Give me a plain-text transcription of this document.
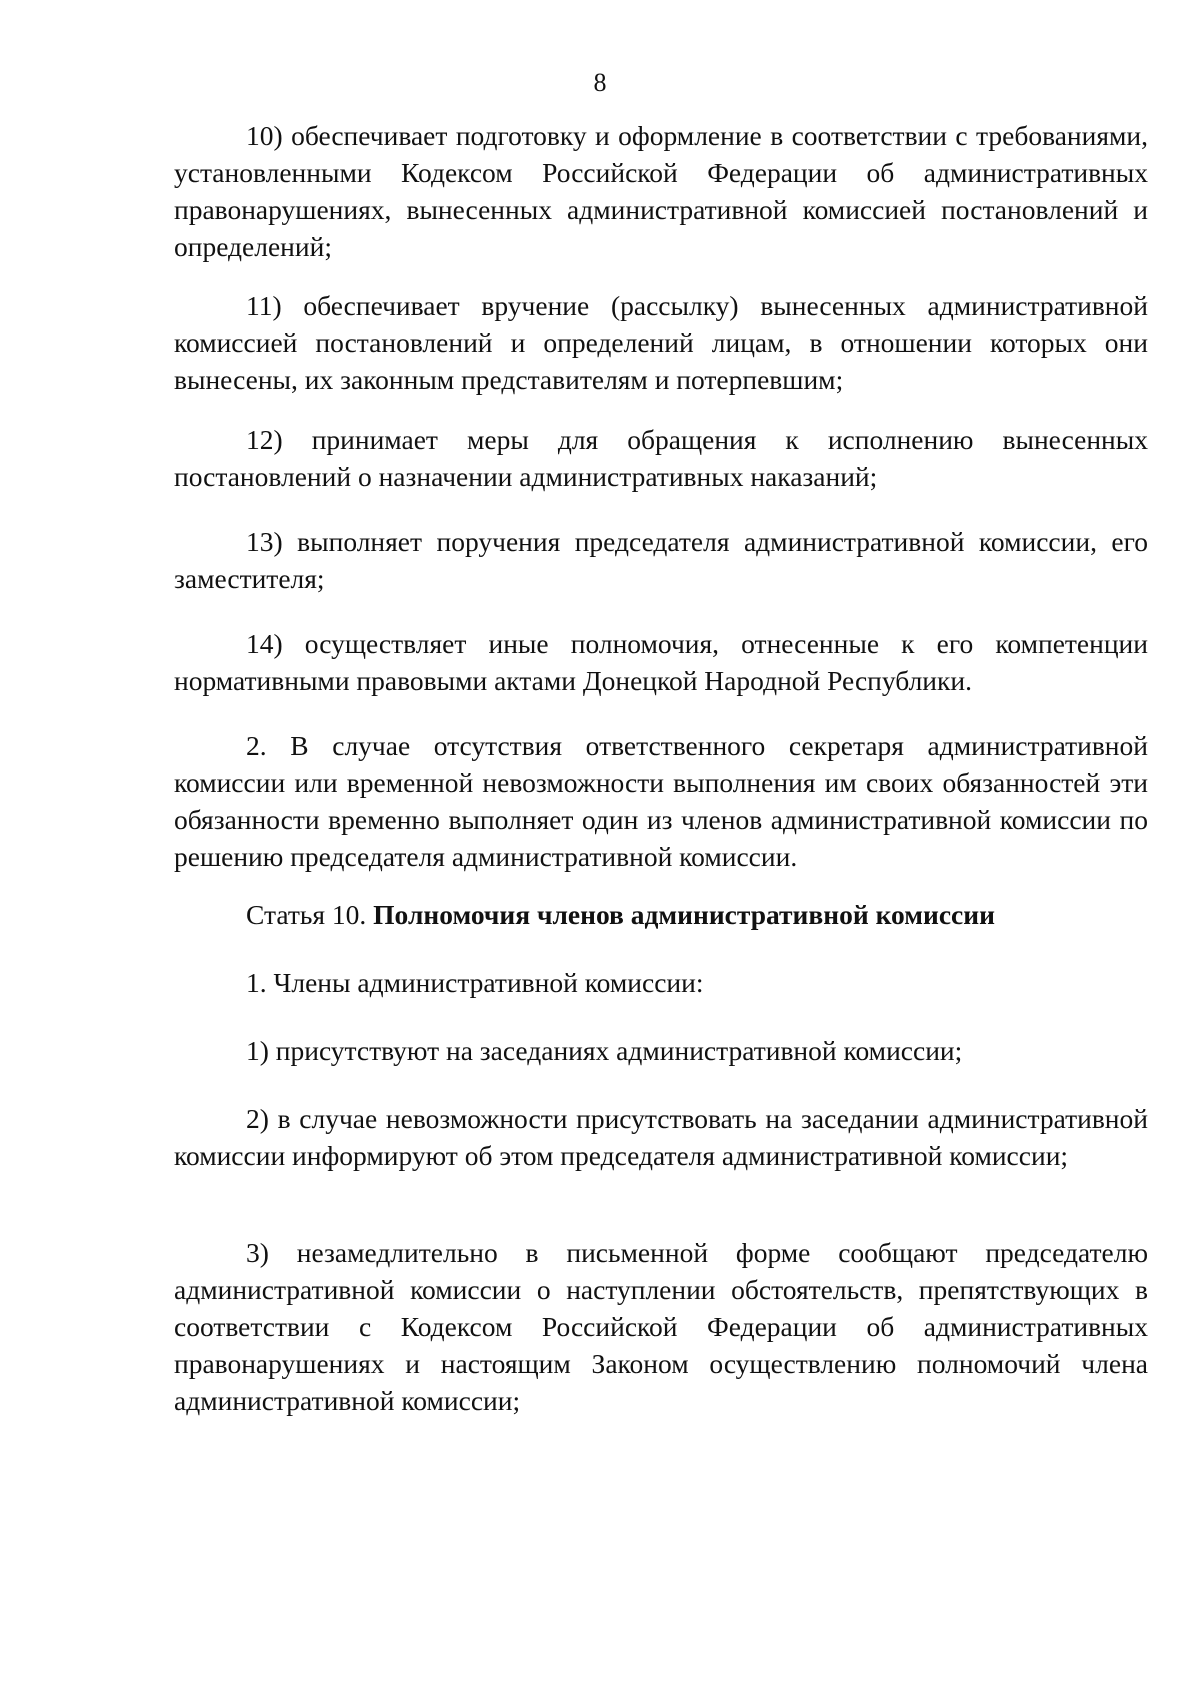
8

10) обеспечивает подготовку и оформление в соответствии с требованиями, установленными Кодексом Российской Федерации об административных правонарушениях, вынесенных административной комиссией постановлений и определений;

11) обеспечивает вручение (рассылку) вынесенных административной комиссией постановлений и определений лицам, в отношении которых они вынесены, их законным представителям и потерпевшим;

12) принимает меры для обращения к исполнению вынесенных постановлений о назначении административных наказаний;

13) выполняет поручения председателя административной комиссии, его заместителя;

14) осуществляет иные полномочия, отнесенные к его компетенции нормативными правовыми актами Донецкой Народной Республики.

2. В случае отсутствия ответственного секретаря административной комиссии или временной невозможности выполнения им своих обязанностей эти обязанности временно выполняет один из членов административной комиссии по решению председателя административной комиссии.

Статья 10. Полномочия членов административной комиссии

1. Члены административной комиссии:

1) присутствуют на заседаниях административной комиссии;

2) в случае невозможности присутствовать на заседании административной комиссии информируют об этом председателя административной комиссии;

3) незамедлительно в письменной форме сообщают председателю административной комиссии о наступлении обстоятельств, препятствующих в соответствии с Кодексом Российской Федерации об административных правонарушениях и настоящим Законом осуществлению полномочий члена административной комиссии;
